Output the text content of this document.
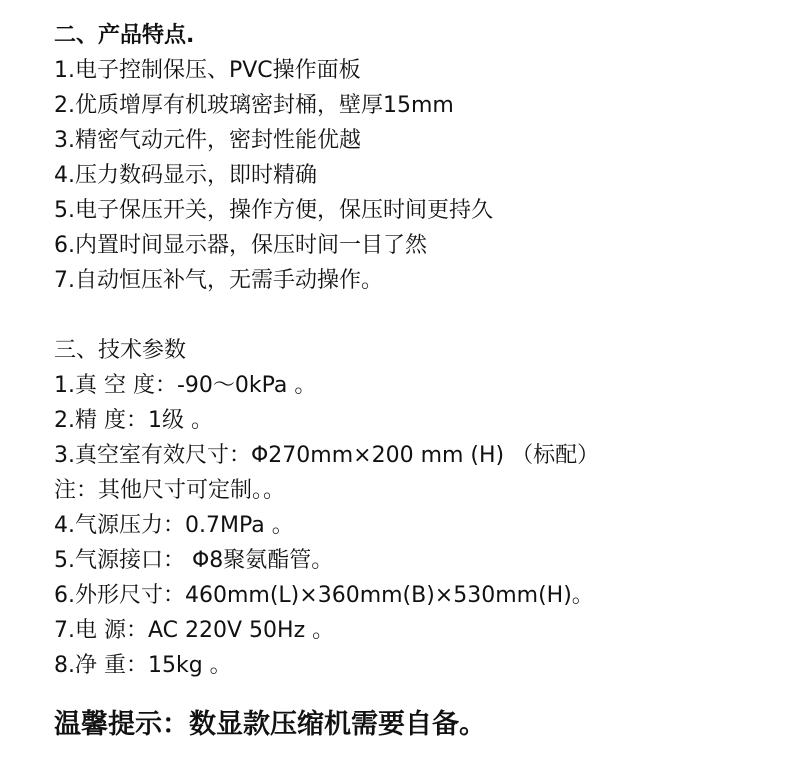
二、产品特点.
1.电子控制保压、PVC操作面板
2.优质增厚有机玻璃密封桶，壁厚15mm
3.精密气动元件，密封性能优越
4.压力数码显示，即时精确
5.电子保压开关，操作方便，保压时间更持久
6.内置时间显示器，保压时间一目了然
7.自动恒压补气，无需手动操作。
三、技术参数
1.真 空 度：-90～0kPa 。
2.精 度：1级 。
3.真空室有效尺寸：Φ270mm×200 mm (H) （标配）
注：其他尺寸可定制。。
4.气源压力：0.7MPa 。
5.气源接口： Φ8聚氨酯管。
6.外形尺寸：460mm(L)×360mm(B)×530mm(H)。
7.电 源：AC 220V 50Hz 。
8.净 重：15kg 。
温馨提示：数显款压缩机需要自备。
